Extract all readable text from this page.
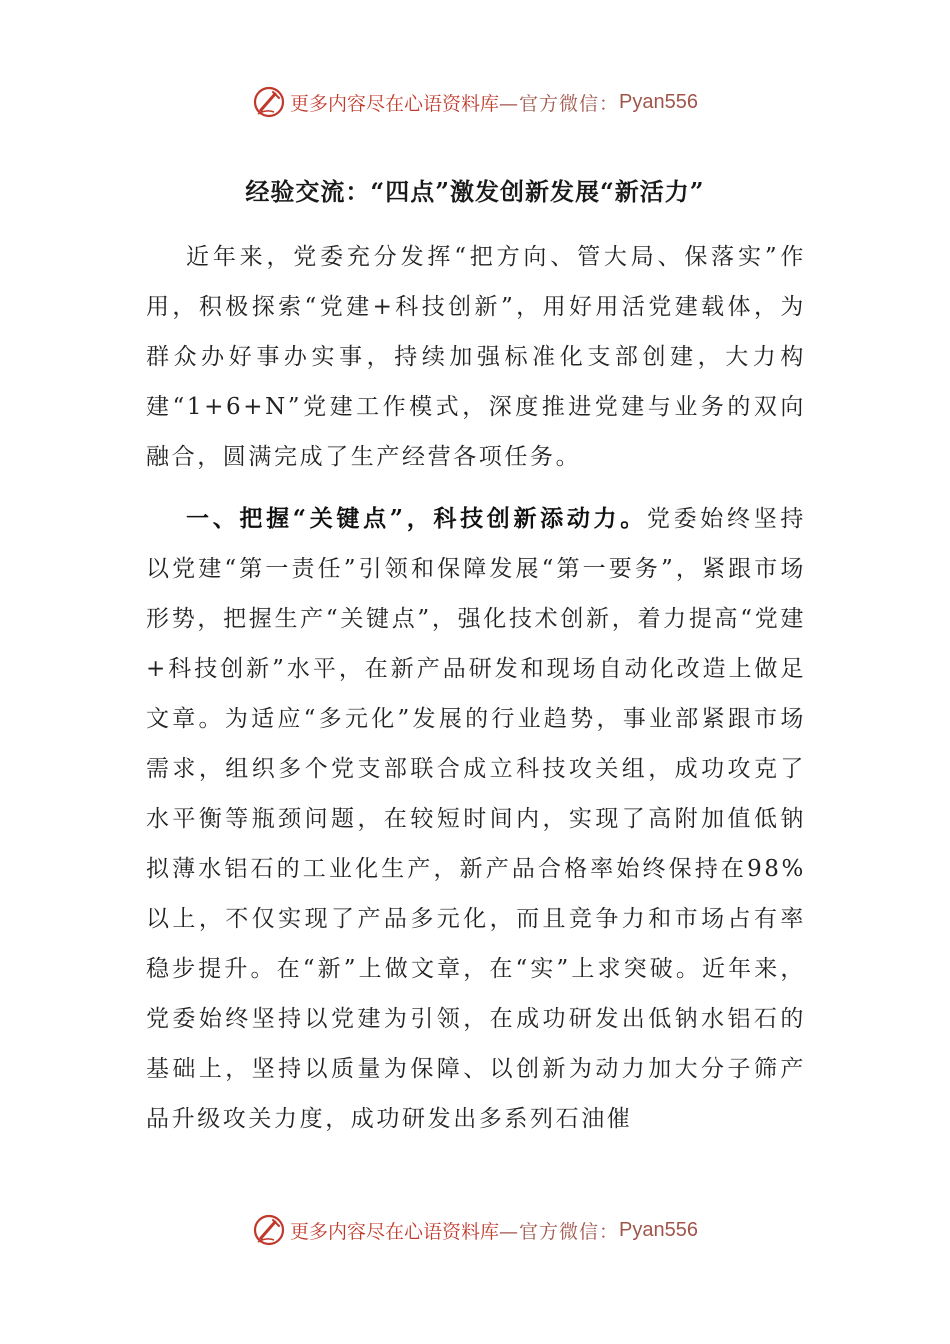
更多内容尽在心语资料库 —官方微信： Pyan556
经验交流：“四点”激发创新发展“新活力”

近年来，党委充分发挥“把方向、管大局、保落实”作用，积极探索“党建+科技创新”，用好用活党建载体，为群众办好事办实事，持续加强标准化支部创建，大力构建“1+6+N”党建工作模式，深度推进党建与业务的双向融合，圆满完成了生产经营各项任务。

一、把握“关键点”，科技创新添动力。党委始终坚持以党建“第一责任”引领和保障发展“第一要务”，紧跟市场形势，把握生产“关键点”，强化技术创新，着力提高“党建+科技创新”水平，在新产品研发和现场自动化改造上做足文章。为适应“多元化”发展的行业趋势，事业部紧跟市场需求，组织多个党支部联合成立科技攻关组，成功攻克了水平衡等瓶颈问题，在较短时间内，实现了高附加值低钠拟薄水铝石的工业化生产，新产品合格率始终保持在98%以上，不仅实现了产品多元化，而且竞争力和市场占有率稳步提升。在“新”上做文章，在“实”上求突破。近年来，党委始终坚持以党建为引领，在成功研发出低钠水铝石的基础上，坚持以质量为保障、以创新为动力加大分子筛产品升级攻关力度，成功研发出多系列石油催

更多内容尽在心语资料库 —官方微信： Pyan556
